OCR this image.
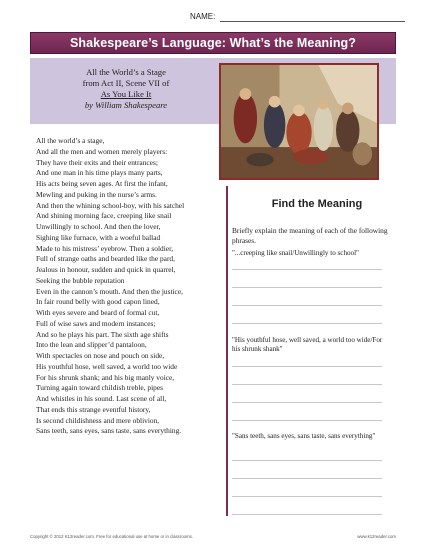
NAME:
Shakespeare’s Language: What’s the Meaning?
All the World’s a Stage
from Act II, Scene VII of
As You Like It
by William Shakespeare
All the world’s a stage,
And all the men and women merely players:
They have their exits and their entrances;
And one man in his time plays many parts,
His acts being seven ages. At first the infant,
Mewling and puking in the nurse’s arms.
And then the whining school-boy, with his satchel
And shining morning face, creeping like snail
Unwillingly to school. And then the lover,
Sighing like furnace, with a woeful ballad
Made to his mistress’ eyebrow. Then a soldier,
Full of strange oaths and bearded like the pard,
Jealous in honour, sudden and quick in quarrel,
Seeking the bubble reputation
Even in the cannon’s mouth. And then the justice,
In fair round belly with good capon lined,
With eyes severe and beard of formal cut,
Full of wise saws and modern instances;
And so he plays his part. The sixth age shifts
Into the lean and slipper’d pantaloon,
With spectacles on nose and pouch on side,
His youthful hose, well saved, a world too wide
For his shrunk shank; and his big manly voice,
Turning again toward childish treble, pipes
And whistles in his sound. Last scene of all,
That ends this strange eventful history,
Is second childishness and mere oblivion,
Sans teeth, sans eyes, sans taste, sans everything.
Find the Meaning
Briefly explain the meaning of each of the following phrases.
"...creeping like snail/Unwillingly to school"
"His youthful hose, well saved, a world too wide/For his shrunk shank"
"Sans teeth, sans eyes, sans taste, sans everything"
Copyright © 2012 K12reader.com. Free for educational use at home or in classrooms.	www.k12reader.com
